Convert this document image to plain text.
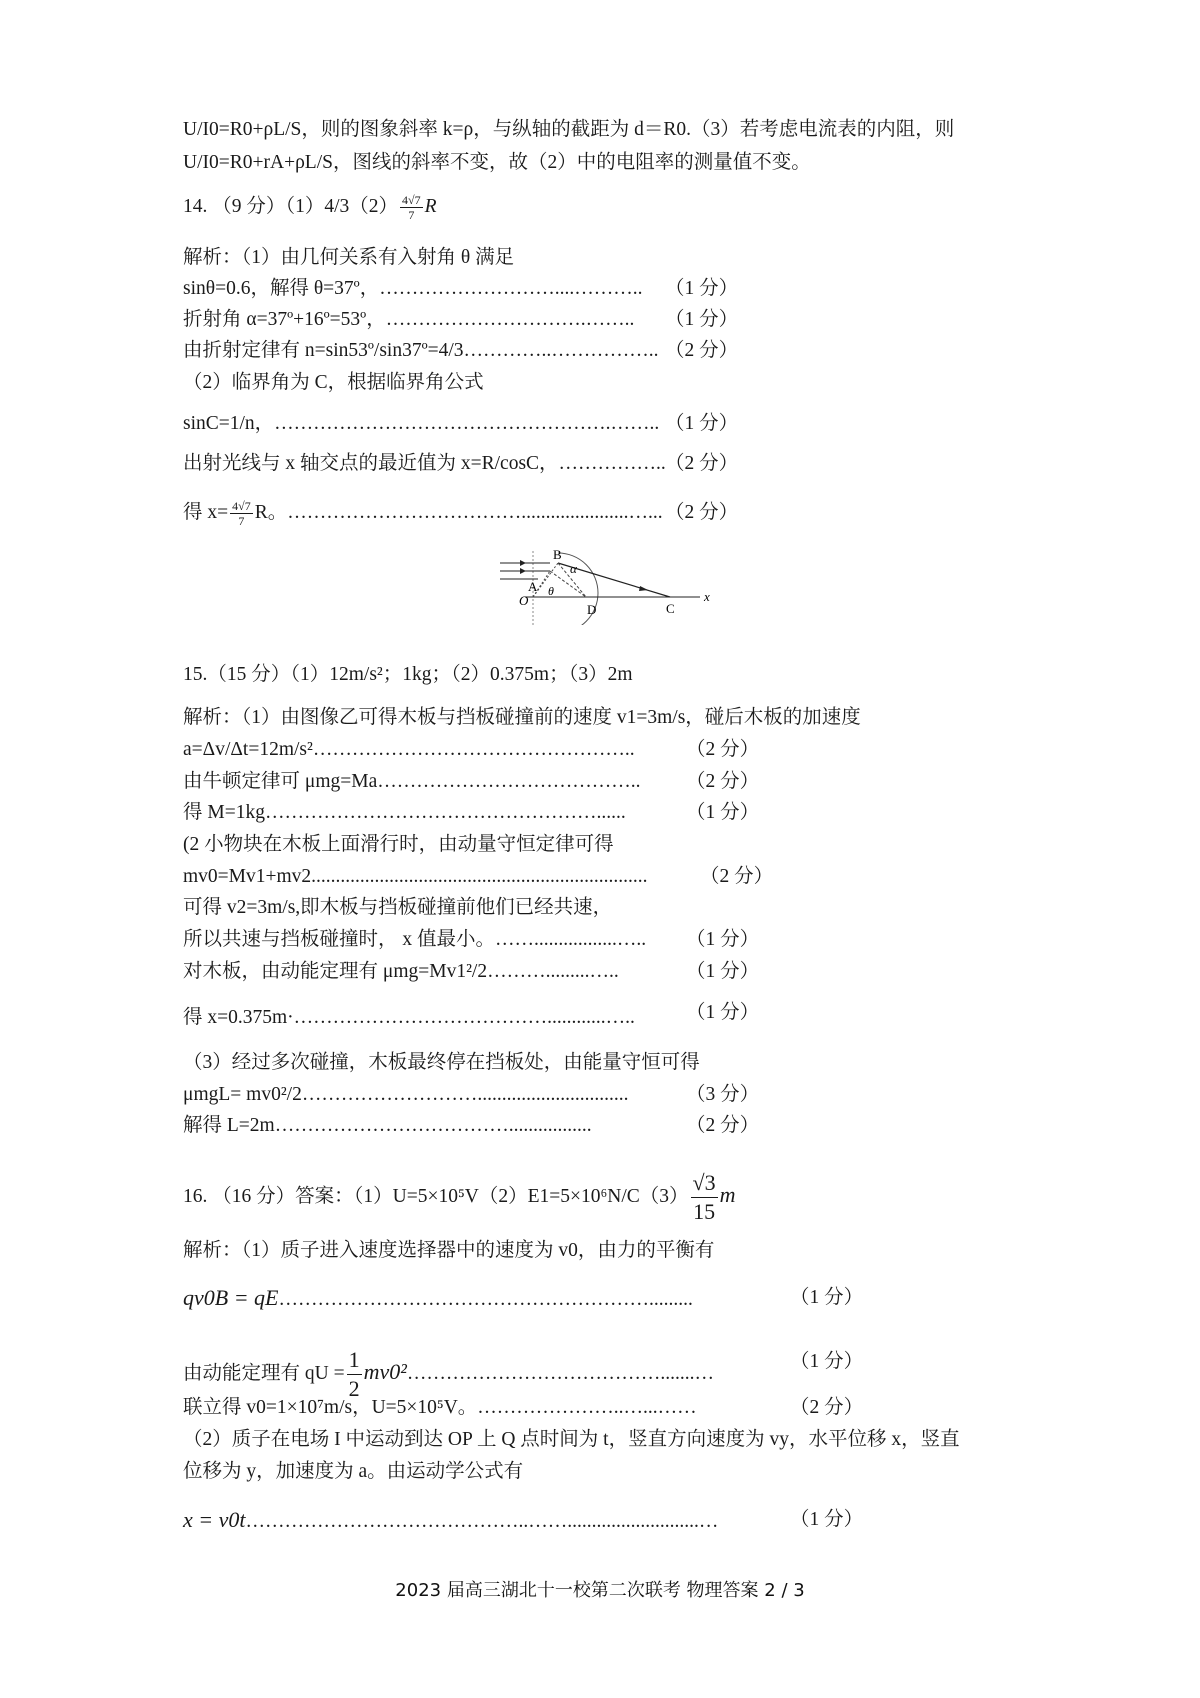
U/I0=R0+ρL/S，则的图象斜率 k=ρ，与纵轴的截距为 d＝R0.（3）若考虑电流表的内阻，则
U/I0=R0+rA+ρL/S，图线的斜率不变，故（2）中的电阻率的测量值不变。
14. （9 分）$(1)4/3(2) \frac{4√7}{7}$ R
解析：（1）由几何关系有入射角 θ 满足
sinθ=0.6，解得 θ=37º，………………………....……….. （1 分）
折射角 α=37º+16º=53º，………………………….…….. （1 分）
由折射定律有 n=sin53º/sin37º=4/3…………..…………….. （2 分）
（2）临界角为 C，根据临界角公式
sinC=1/n，…………………………………………….…….. （1 分）
出射光线与 x 轴交点的最近值为 x=R/cosC，…………….. （2 分）
得 $x= \frac{4√7}{7}$ R。………………………………......................…... （2 分）
B
α
A
O
θ
D	C
x
15.（15 分）（1）12m/s²；1kg；（2）0.375m；（3）2m
解析：（1）由图像乙可得木板与挡板碰撞前的速度 v1=3m/s，碰后木板的加速度
a=Δv/Δt=12m/s²…………………………………………..	（2 分）
由牛顿定律可 μmg=Ma………………………………….. （2 分）
得 M=1kg……………………………………………......	（1 分）
(2 小物块在木板上面滑行时，由动量守恒定律可得
mv0=Mv1+mv2.....................................................................	（2 分）
可得 v2=3m/s,即木板与挡板碰撞前他们已经共速，
所以共速与挡板碰撞时， x 值最小。…….................….. （1 分）
对木板，由动能定理有 μmg=Mv1²/2……….........…..	（1 分）
得 x=0.375m·…………………………………............…..	（1 分）
（3）经过多次碰撞，木板最终停在挡板处，由能量守恒可得
μmgL= mv0²/2………………………...............................	（3 分）
解得 L=2m……………………………….................	（2 分）
16. （16 分）答案：$(1)U=5\times 10^5V(2)E1=5\times 10^6N/C(3) \frac{√3}{15}$ m
解析：（1）质子进入速度选择器中的速度为 v0，由力的平衡有
qv0B = qE………………………………………………….........	（1 分）
由动能定理有 qU = $\frac{1}{2}$ mv0²………………………………….......…
（1 分）
联立得 v0=1×10⁷m/s，U=5×10⁵V。…………………..…...……	（2 分）
（2）质子在电场 I 中运动到达 OP 上 Q 点时间为 t，竖直方向速度为 vy，水平位移 x，竖直
位移为 y，加速度为 a。由运动学公式有
x = v0t……………………………………..……...........................…	（1 分）
2023 届高三湖北十一校第二次联考 物理答案 2 / 3
